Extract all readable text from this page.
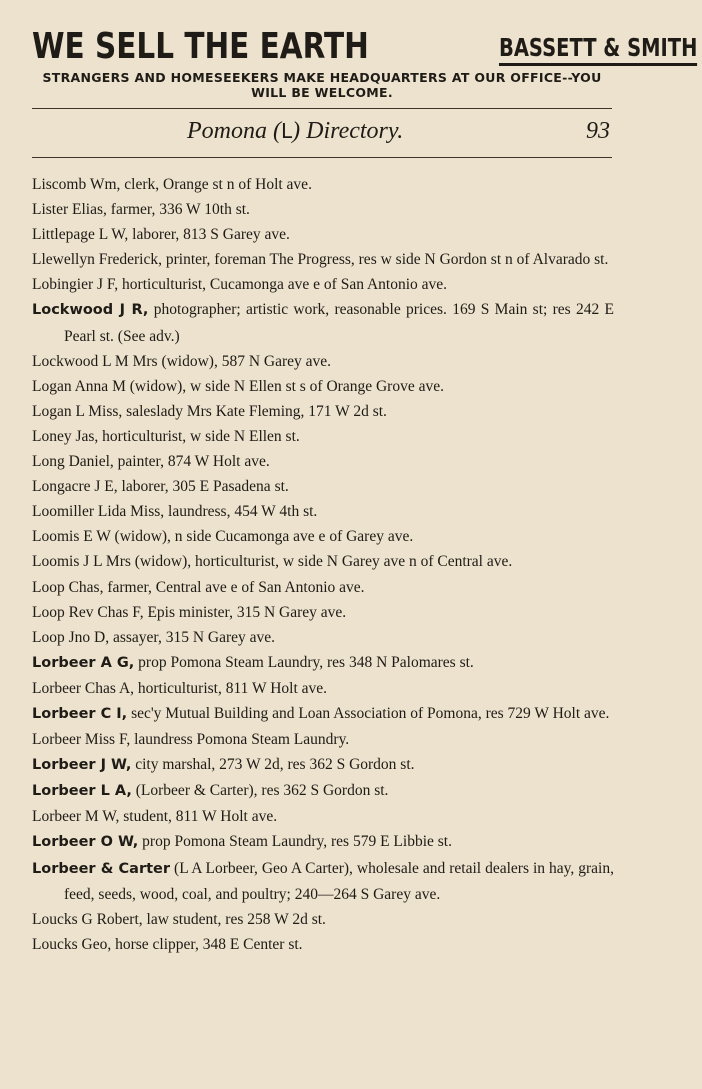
WE SELL THE EARTH	BASSETT & SMITH
STRANGERS AND HOMESEEKERS MAKE HEADQUARTERS AT OUR OFFICE--YOU
WILL BE WELCOME.
Pomona (L) Directory.	93
Liscomb Wm, clerk, Orange st n of Holt ave.
Lister Elias, farmer, 336 W 10th st.
Littlepage L W, laborer, 813 S Garey ave.
Llewellyn Frederick, printer, foreman The Progress, res w side N Gordon st n of Alvarado st.
Lobingier J F, horticulturist, Cucamonga ave e of San Antonio ave.
Lockwood J R, photographer; artistic work, reasonable prices. 169 S Main st; res 242 E Pearl st. (See adv.)
Lockwood L M Mrs (widow), 587 N Garey ave.
Logan Anna M (widow), w side N Ellen st s of Orange Grove ave.
Logan L Miss, saleslady Mrs Kate Fleming, 171 W 2d st.
Loney Jas, horticulturist, w side N Ellen st.
Long Daniel, painter, 874 W Holt ave.
Longacre J E, laborer, 305 E Pasadena st.
Loomiller Lida Miss, laundress, 454 W 4th st.
Loomis E W (widow), n side Cucamonga ave e of Garey ave.
Loomis J L Mrs (widow), horticulturist, w side N Garey ave n of Central ave.
Loop Chas, farmer, Central ave e of San Antonio ave.
Loop Rev Chas F, Epis minister, 315 N Garey ave.
Loop Jno D, assayer, 315 N Garey ave.
Lorbeer A G, prop Pomona Steam Laundry, res 348 N Palomares st.
Lorbeer Chas A, horticulturist, 811 W Holt ave.
Lorbeer C I, sec'y Mutual Building and Loan Association of Pomona, res 729 W Holt ave.
Lorbeer Miss F, laundress Pomona Steam Laundry.
Lorbeer J W, city marshal, 273 W 2d, res 362 S Gordon st.
Lorbeer L A, (Lorbeer & Carter), res 362 S Gordon st.
Lorbeer M W, student, 811 W Holt ave.
Lorbeer O W, prop Pomona Steam Laundry, res 579 E Libbie st.
Lorbeer & Carter (L A Lorbeer, Geo A Carter), wholesale and retail dealers in hay, grain, feed, seeds, wood, coal, and poultry; 240—264 S Garey ave.
Loucks G Robert, law student, res 258 W 2d st.
Loucks Geo, horse clipper, 348 E Center st.
